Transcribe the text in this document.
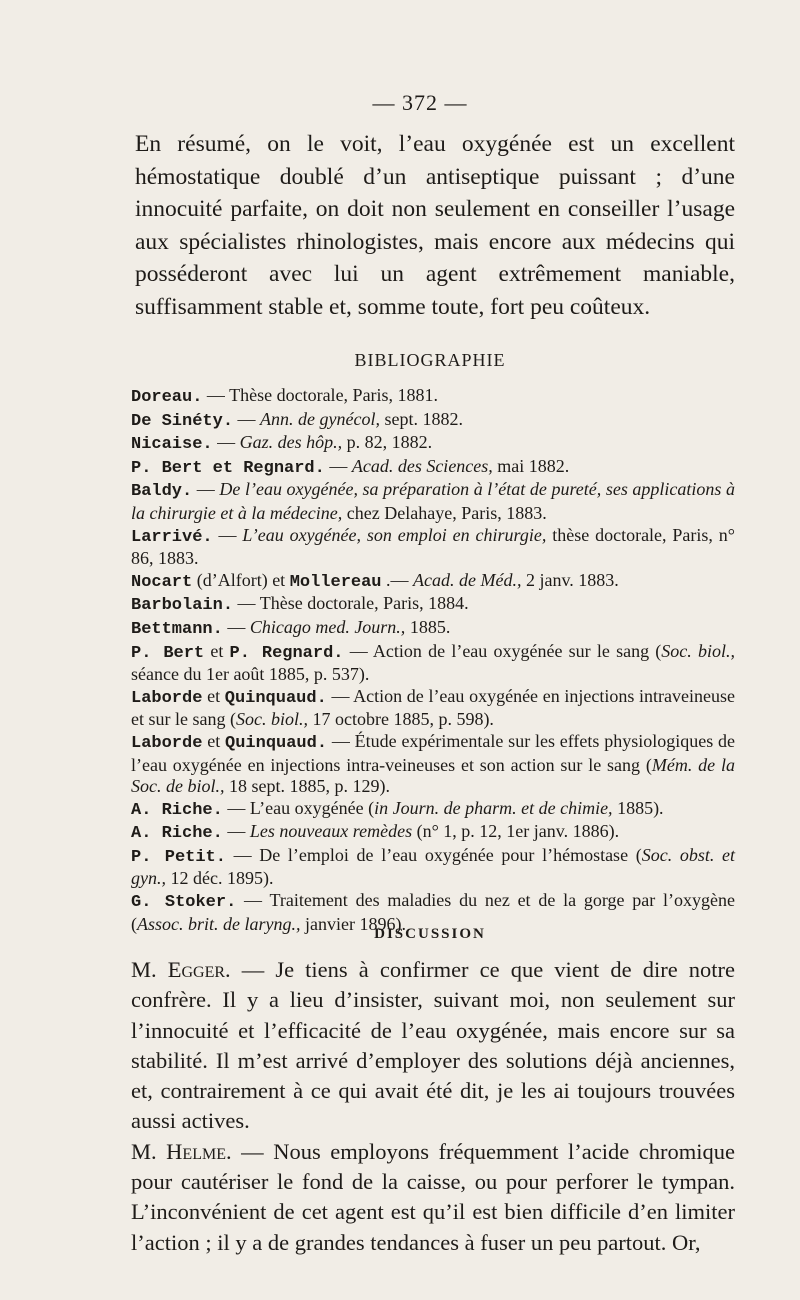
— 372 —

En résumé, on le voit, l’eau oxygénée est un excellent hémostatique doublé d’un antiseptique puissant ; d’une innocuité parfaite, on doit non seulement en conseiller l’usage aux spécialistes rhinologistes, mais encore aux médecins qui posséderont avec lui un agent extrêmement maniable, suffisamment stable et, somme toute, fort peu coûteux.

BIBLIOGRAPHIE

Doreau. — Thèse doctorale, Paris, 1881.

De Sinéty. — Ann. de gynécol, sept. 1882.

Nicaise. — Gaz. des hôp., p. 82, 1882.

P. Bert et Regnard. — Acad. des Sciences, mai 1882.

Baldy. — De l’eau oxygénée, sa préparation à l’état de pureté, ses applications à la chirurgie et à la médecine, chez Delahaye, Paris, 1883.

Larrivé. — L’eau oxygénée, son emploi en chirurgie, thèse doctorale, Paris, n° 86, 1883.

Nocart (d’Alfort) et Mollereau .— Acad. de Méd., 2 janv. 1883.

Barbolain. — Thèse doctorale, Paris, 1884.

Bettmann. — Chicago med. Journ., 1885.

P. Bert et P. Regnard. — Action de l’eau oxygénée sur le sang (Soc. biol., séance du 1er août 1885, p. 537).

Laborde et Quinquaud. — Action de l’eau oxygénée en injections intraveineuse et sur le sang (Soc. biol., 17 octobre 1885, p. 598).

Laborde et Quinquaud. — Étude expérimentale sur les effets physiologiques de l’eau oxygénée en injections intra-veineuses et son action sur le sang (Mém. de la Soc. de biol., 18 sept. 1885, p. 129).

A. Riche. — L’eau oxygénée (in Journ. de pharm. et de chimie, 1885).

A. Riche. — Les nouveaux remèdes (n° 1, p. 12, 1er janv. 1886).

P. Petit. — De l’emploi de l’eau oxygénée pour l’hémostase (Soc. obst. et gyn., 12 déc. 1895).

G. Stoker. — Traitement des maladies du nez et de la gorge par l’oxygène (Assoc. brit. de laryng., janvier 1896).

DISCUSSION

M. Egger. — Je tiens à confirmer ce que vient de dire notre confrère. Il y a lieu d’insister, suivant moi, non seulement sur l’innocuité et l’efficacité de l’eau oxygénée, mais encore sur sa stabilité. Il m’est arrivé d’employer des solutions déjà anciennes, et, contrairement à ce qui avait été dit, je les ai toujours trouvées aussi actives.

M. Helme. — Nous employons fréquemment l’acide chromique pour cautériser le fond de la caisse, ou pour perforer le tympan. L’inconvénient de cet agent est qu’il est bien difficile d’en limiter l’action ; il y a de grandes tendances à fuser un peu partout. Or,
